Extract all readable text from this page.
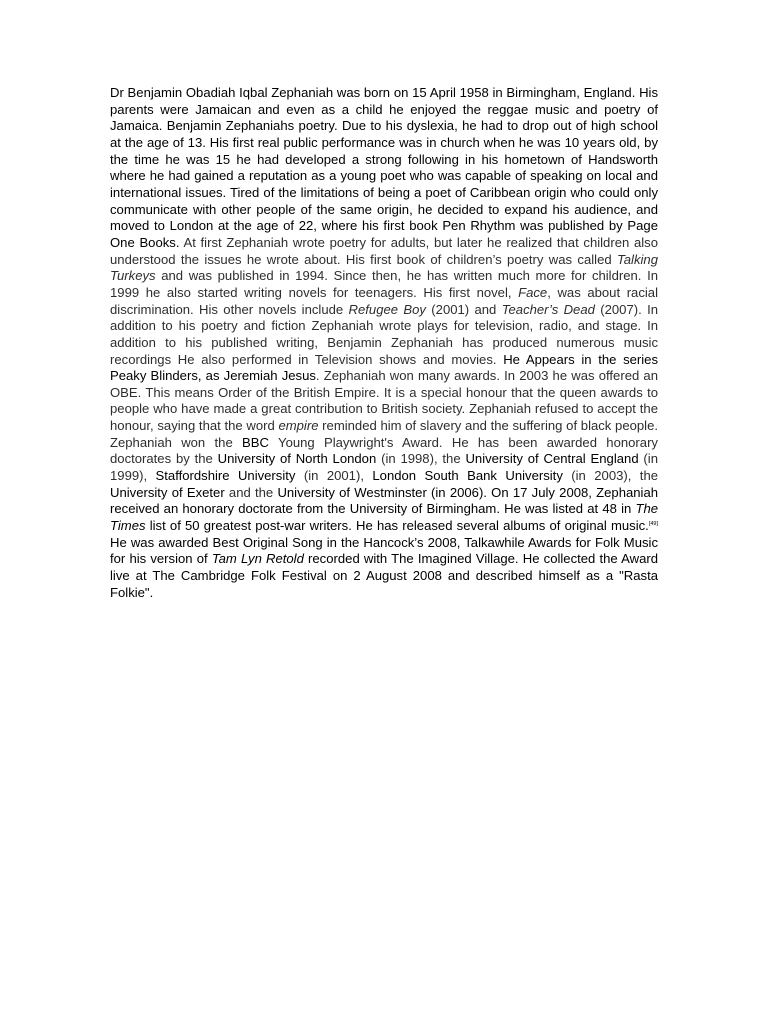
Dr Benjamin Obadiah Iqbal Zephaniah was born on 15 April 1958 in Birmingham, England. His parents were Jamaican and even as a child he enjoyed the reggae music and poetry of Jamaica. Benjamin Zephaniahs poetry. Due to his dyslexia, he had to drop out of high school at the age of 13. His first real public performance was in church when he was 10 years old, by the time he was 15 he had developed a strong following in his hometown of Handsworth where he had gained a reputation as a young poet who was capable of speaking on local and international issues. Tired of the limitations of being a poet of Caribbean origin who could only communicate with other people of the same origin, he decided to expand his audience, and moved to London at the age of 22, where his first book Pen Rhythm was published by Page One Books. At first Zephaniah wrote poetry for adults, but later he realized that children also understood the issues he wrote about. His first book of children’s poetry was called Talking Turkeys and was published in 1994. Since then, he has written much more for children. In 1999 he also started writing novels for teenagers. His first novel, Face, was about racial discrimination. His other novels include Refugee Boy (2001) and Teacher’s Dead (2007). In addition to his poetry and fiction Zephaniah wrote plays for television, radio, and stage. In addition to his published writing, Benjamin Zephaniah has produced numerous music recordings He also performed in Television shows and movies. He Appears in the series Peaky Blinders, as Jeremiah Jesus. Zephaniah won many awards. In 2003 he was offered an OBE. This means Order of the British Empire. It is a special honour that the queen awards to people who have made a great contribution to British society. Zephaniah refused to accept the honour, saying that the word empire reminded him of slavery and the suffering of black people. Zephaniah won the BBC Young Playwright's Award. He has been awarded honorary doctorates by the University of North London (in 1998), the University of Central England (in 1999), Staffordshire University (in 2001), London South Bank University (in 2003), the University of Exeter and the University of Westminster (in 2006). On 17 July 2008, Zephaniah received an honorary doctorate from the University of Birmingham. He was listed at 48 in The Times list of 50 greatest post-war writers. He has released several albums of original music.[49] He was awarded Best Original Song in the Hancock’s 2008, Talkawhile Awards for Folk Music for his version of Tam Lyn Retold recorded with The Imagined Village. He collected the Award live at The Cambridge Folk Festival on 2 August 2008 and described himself as a "Rasta Folkie".
